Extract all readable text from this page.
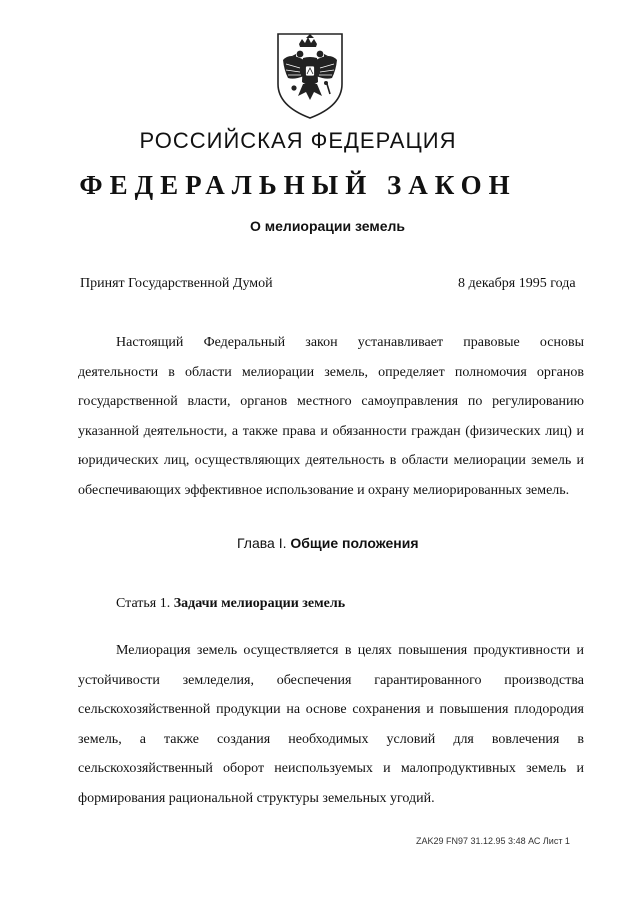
РОССИЙСКАЯ ФЕДЕРАЦИЯ
ФЕДЕРАЛЬНЫЙ ЗАКОН
О мелиорации земель
Принят Государственной Думой	8 декабря 1995 года

Настоящий Федеральный закон устанавливает правовые основы деятельности в области мелиорации земель, определяет полномочия органов государственной власти, органов местного самоуправления по регулированию указанной деятельности, а также права и обязанности граждан (физических лиц) и юридических лиц, осуществляющих деятельность в области мелиорации земель и обеспечивающих эффективное использование и охрану мелиорированных земель.

Глава I. Общие положения
Статья 1. Задачи мелиорации земель

Мелиорация земель осуществляется в целях повышения продуктивности и устойчивости земледелия, обеспечения гарантированного производства сельскохозяйственной продукции на основе сохранения и повышения плодородия земель, а также создания необходимых условий для вовлечения в сельскохозяйственный оборот неиспользуемых и малопродуктивных земель и формирования рациональной структуры земельных угодий.

ZAK29 FN97 31.12.95 3:48 АС Лист 1
